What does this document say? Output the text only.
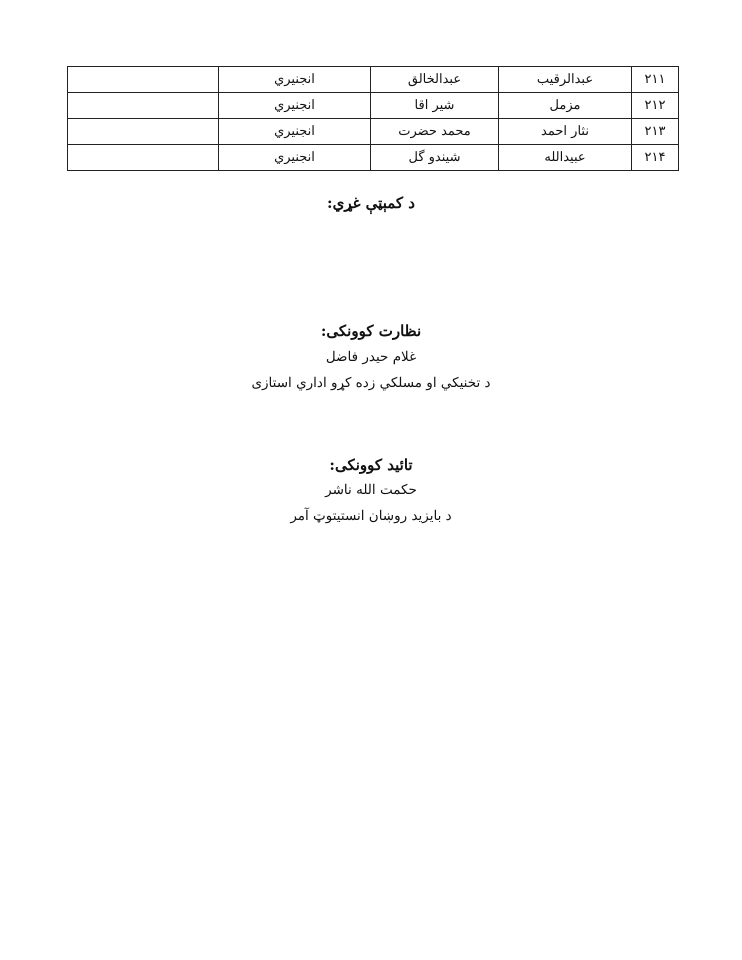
۲۱۱	عبدالرقیب	عبدالخالق	انجنیري	
۲۱۲	مزمل	شیر اقا	انجنیري	
۲۱۳	نثار احمد	محمد حضرت	انجنیري	
۲۱۴	عبیدالله	شیندو گل	انجنیري	
د کمېټې غړي:
نظارت کوونکی:
غلام حیدر فاضل
د تخنیکي او مسلکي زده کړو اداري استازی
تائید کوونکی:
حکمت الله ناشر
د بایزید روښان انستیتوټ آمر
